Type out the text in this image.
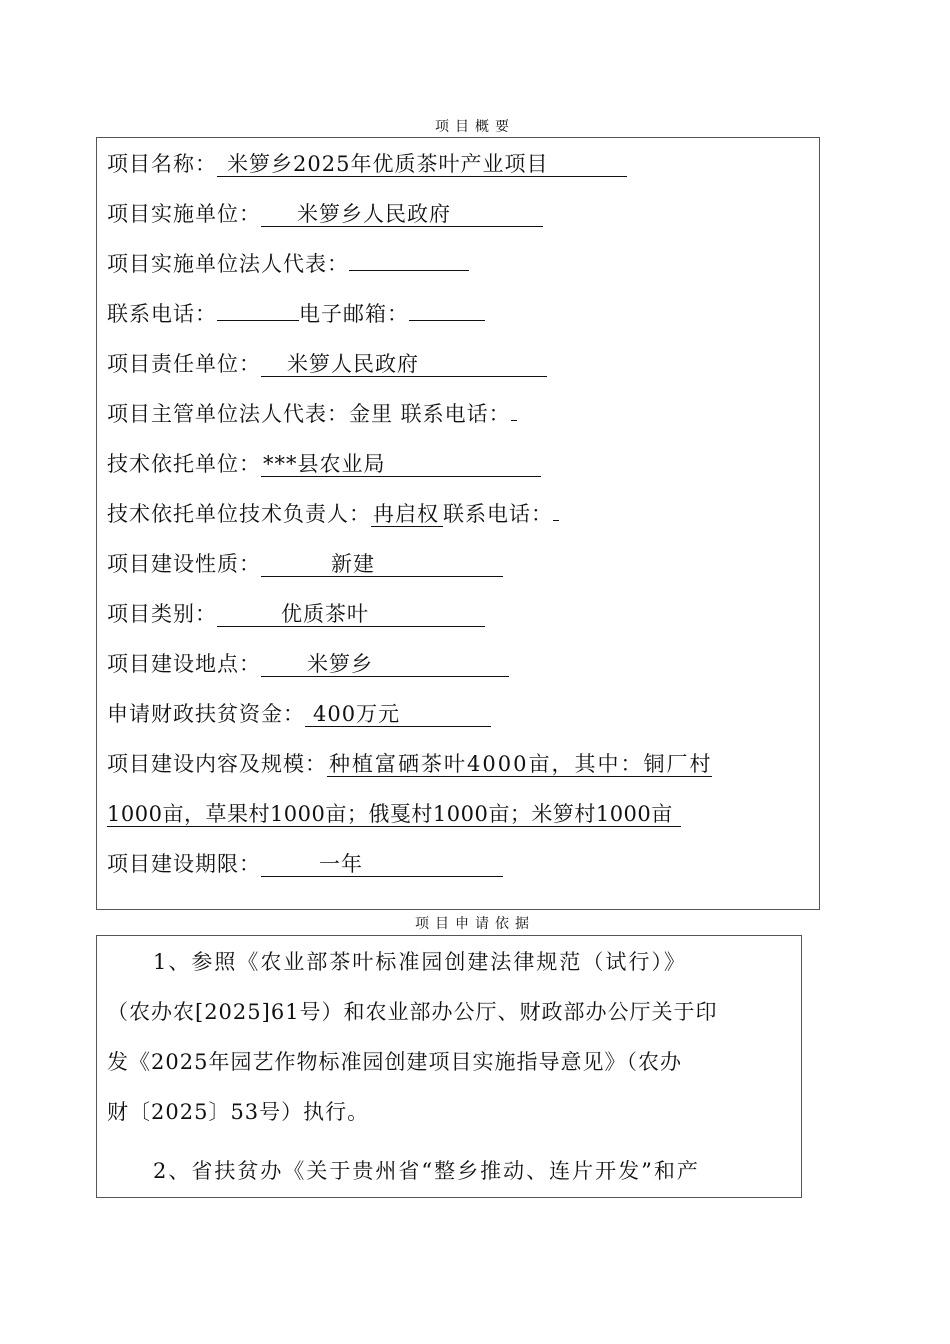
项目概要
项目名称： 米箩乡2025年优质茶叶产业项目
项目实施单位： 米箩乡人民政府
项目实施单位法人代表：
联系电话：	电子邮箱：
项目责任单位： 米箩人民政府
项目主管单位法人代表：金里 联系电话：
技术依托单位：***县农业局
技术依托单位技术负责人：冉启权 联系电话：
项目建设性质：	新建
项目类别：	优质茶叶
项目建设地点： 米箩乡
申请财政扶贫资金： 400万元
项目建设内容及规模：种植富硒茶叶4000亩，其中：铜厂村
1000亩，草果村1000亩；俄戛村1000亩；米箩村1000亩
项目建设期限：	一年
项目申请依据
1、参照《农业部茶叶标准园创建法律规范（试行）》
（农办农[2025]61号）和农业部办公厅、财政部办公厅关于印
发《2025年园艺作物标准园创建项目实施指导意见》（农办
财〔2025〕53号）执行。
2、省扶贫办《关于贵州省“整乡推动、连片开发”和产
